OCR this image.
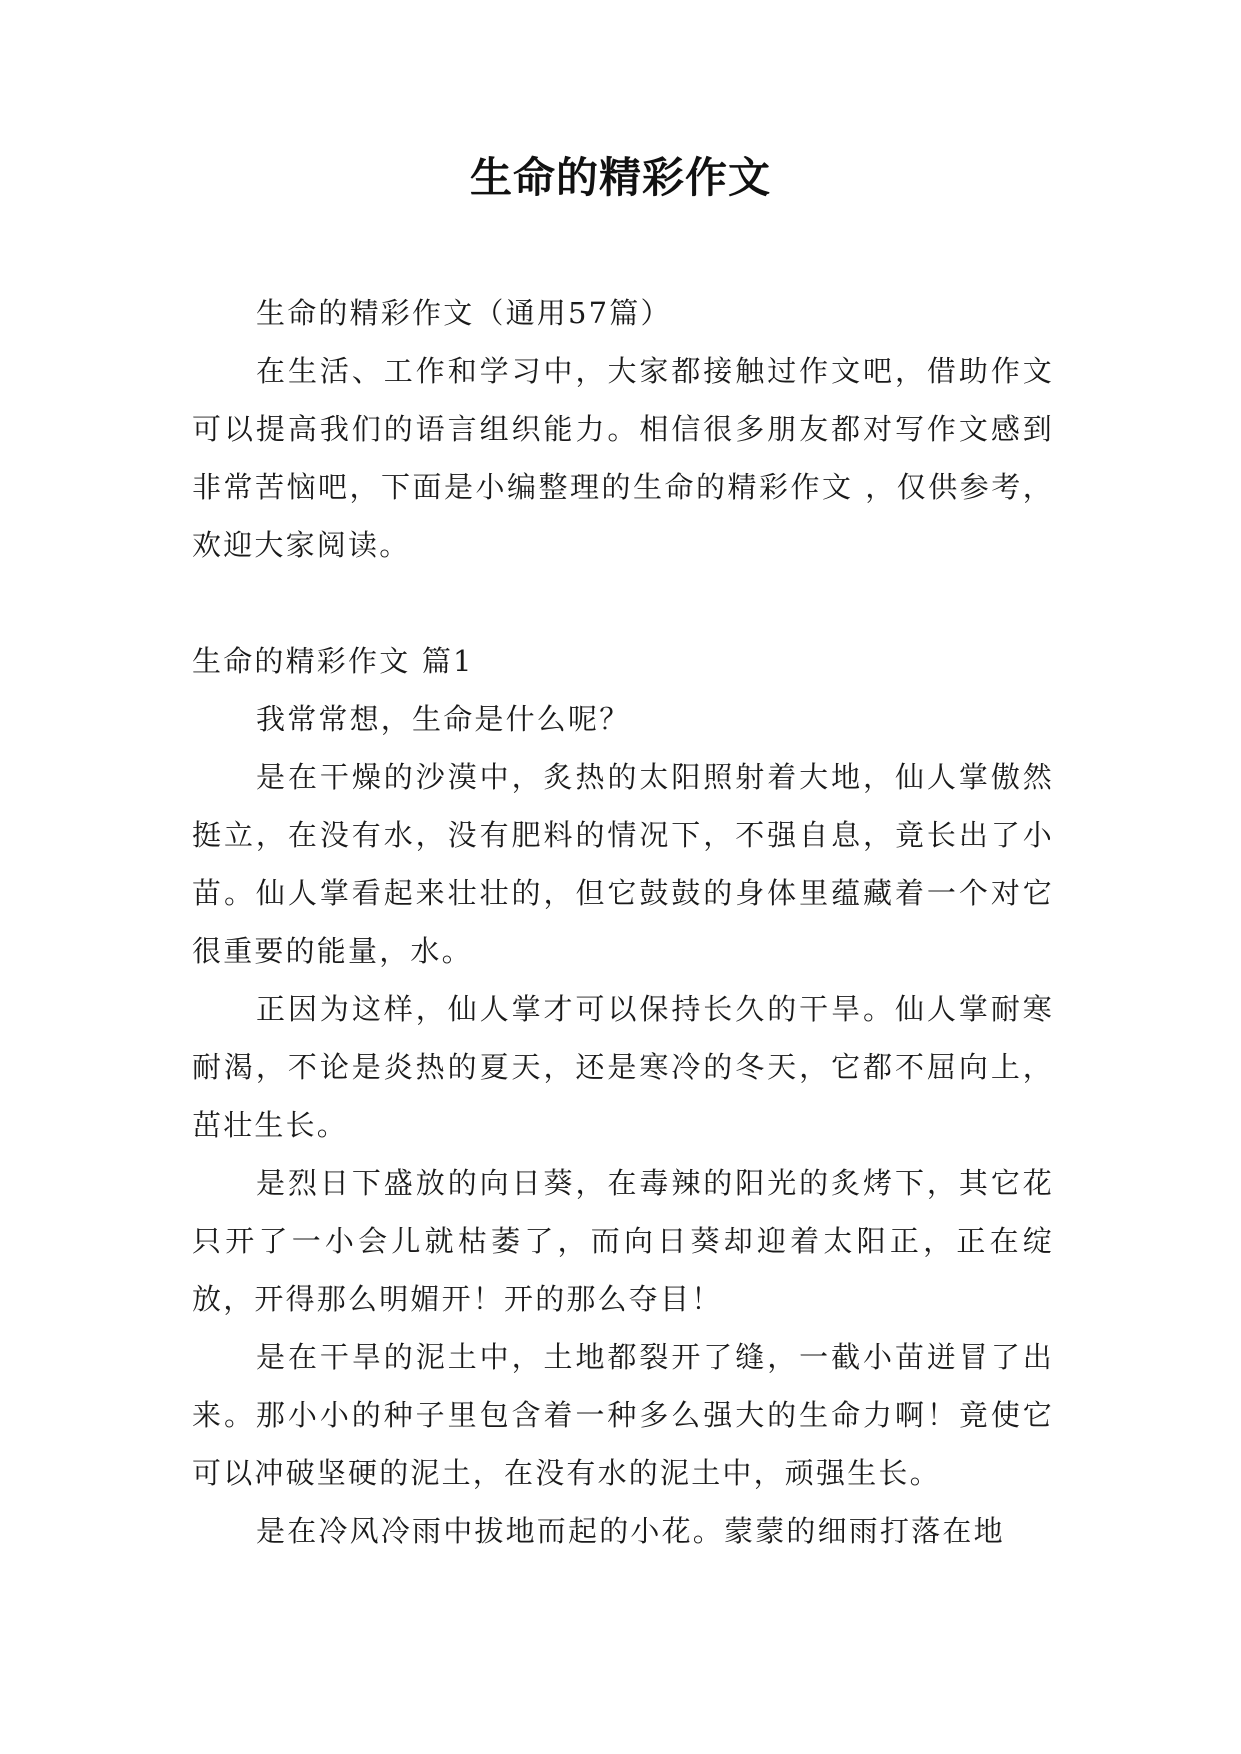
生命的精彩作文

生命的精彩作文（通用57篇）

在生活、工作和学习中，大家都接触过作文吧，借助作文可以提高我们的语言组织能力。相信很多朋友都对写作文感到非常苦恼吧，下面是小编整理的生命的精彩作文 ，仅供参考，欢迎大家阅读。

生命的精彩作文 篇1

我常常想，生命是什么呢？

是在干燥的沙漠中，炙热的太阳照射着大地，仙人掌傲然挺立，在没有水，没有肥料的情况下，不强自息，竟长出了小苗。仙人掌看起来壮壮的，但它鼓鼓的身体里蕴藏着一个对它很重要的能量，水。

正因为这样，仙人掌才可以保持长久的干旱。仙人掌耐寒耐渴，不论是炎热的夏天，还是寒冷的冬天，它都不屈向上，茁壮生长。

是烈日下盛放的向日葵，在毒辣的阳光的炙烤下，其它花只开了一小会儿就枯萎了，而向日葵却迎着太阳正，正在绽放，开得那么明媚开！开的那么夺目！

是在干旱的泥土中，土地都裂开了缝，一截小苗迸冒了出来。那小小的种子里包含着一种多么强大的生命力啊！竟使它可以冲破坚硬的泥土，在没有水的泥土中，顽强生长。

是在冷风冷雨中拔地而起的小花。蒙蒙的细雨打落在地
